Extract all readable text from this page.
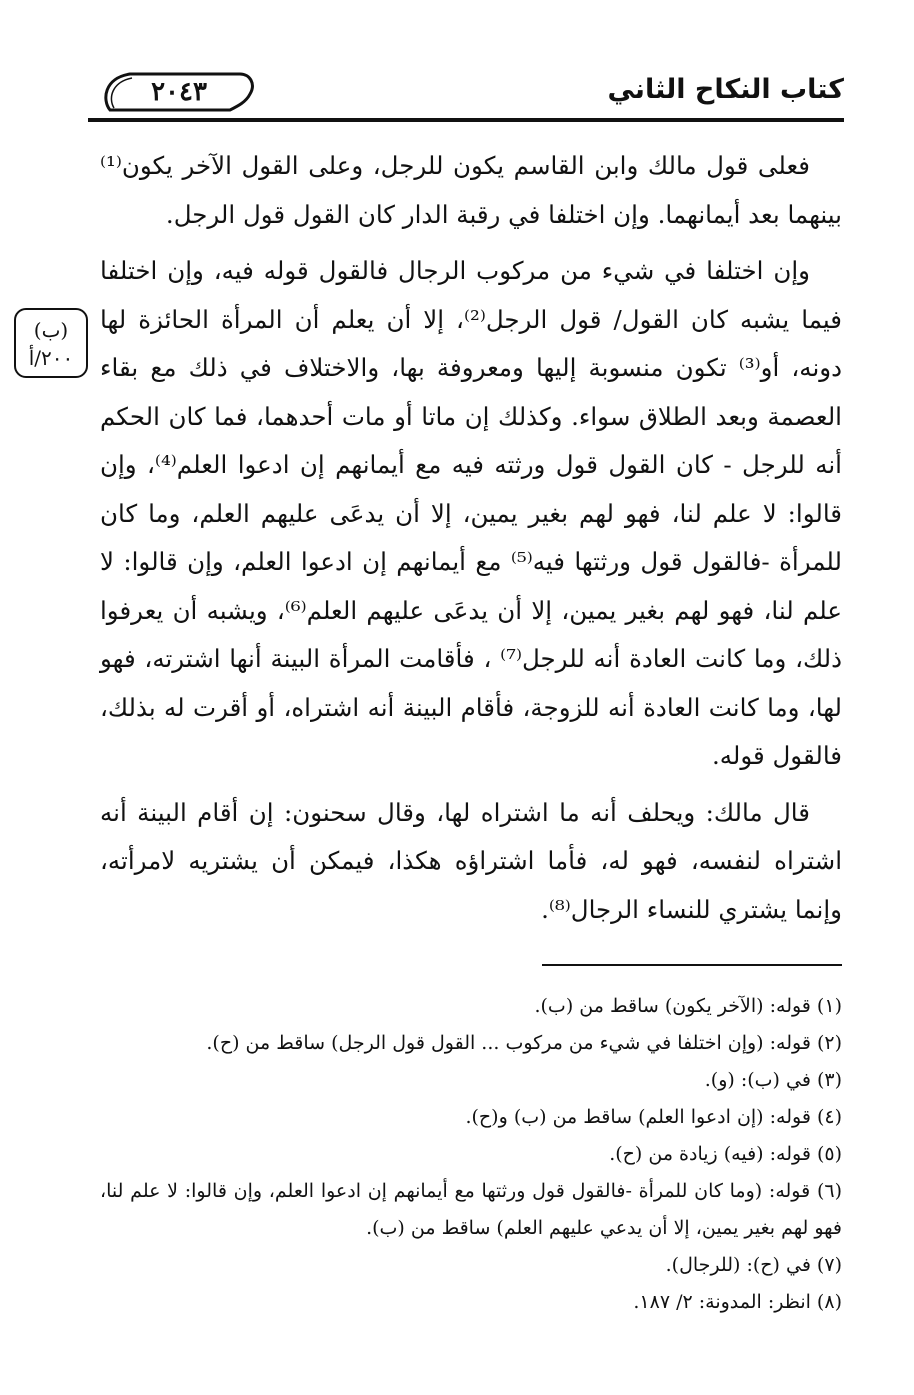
٢٠٤٣	كتاب النكاح الثاني
(ب)
٢٠٠/أ

فعلى قول مالك وابن القاسم يكون للرجل، وعلى القول الآخر يكون⁽¹⁾ بينهما بعد أيمانهما. وإن اختلفا في رقبة الدار كان القول قول الرجل.

وإن اختلفا في شيء من مركوب الرجال فالقول قوله فيه، وإن اختلفا فيما يشبه كان القول/ قول الرجل⁽²⁾، إلا أن يعلم أن المرأة الحائزة لها دونه، أو⁽³⁾ تكون منسوبة إليها ومعروفة بها، والاختلاف في ذلك مع بقاء العصمة وبعد الطلاق سواء. وكذلك إن ماتا أو مات أحدهما، فما كان الحكم أنه للرجل - كان القول قول ورثته فيه مع أيمانهم إن ادعوا العلم⁽⁴⁾، وإن قالوا: لا علم لنا، فهو لهم بغير يمين، إلا أن يدعَى عليهم العلم، وما كان للمرأة -فالقول قول ورثتها فيه⁽⁵⁾ مع أيمانهم إن ادعوا العلم، وإن قالوا: لا علم لنا، فهو لهم بغير يمين، إلا أن يدعَى عليهم العلم⁽⁶⁾، ويشبه أن يعرفوا ذلك، وما كانت العادة أنه للرجل⁽⁷⁾ ، فأقامت المرأة البينة أنها اشترته، فهو لها، وما كانت العادة أنه للزوجة، فأقام البينة أنه اشتراه، أو أقرت له بذلك، فالقول قوله.

قال مالك: ويحلف أنه ما اشتراه لها، وقال سحنون: إن أقام البينة أنه اشتراه لنفسه، فهو له، فأما اشتراؤه هكذا، فيمكن أن يشتريه لامرأته، وإنما يشتري للنساء الرجال⁽⁸⁾.

(١) قوله: (الآخر يكون) ساقط من (ب).

(٢) قوله: (وإن اختلفا في شيء من مركوب ... القول قول الرجل) ساقط من (ح).

(٣) في (ب): (و).

(٤) قوله: (إن ادعوا العلم) ساقط من (ب) و(ح).

(٥) قوله: (فيه) زيادة من (ح).

(٦) قوله: (وما كان للمرأة -فالقول قول ورثتها مع أيمانهم إن ادعوا العلم، وإن قالوا: لا علم لنا، فهو لهم بغير يمين، إلا أن يدعي عليهم العلم) ساقط من (ب).

(٧) في (ح): (للرجال).

(٨) انظر: المدونة: ٢/ ١٨٧.
